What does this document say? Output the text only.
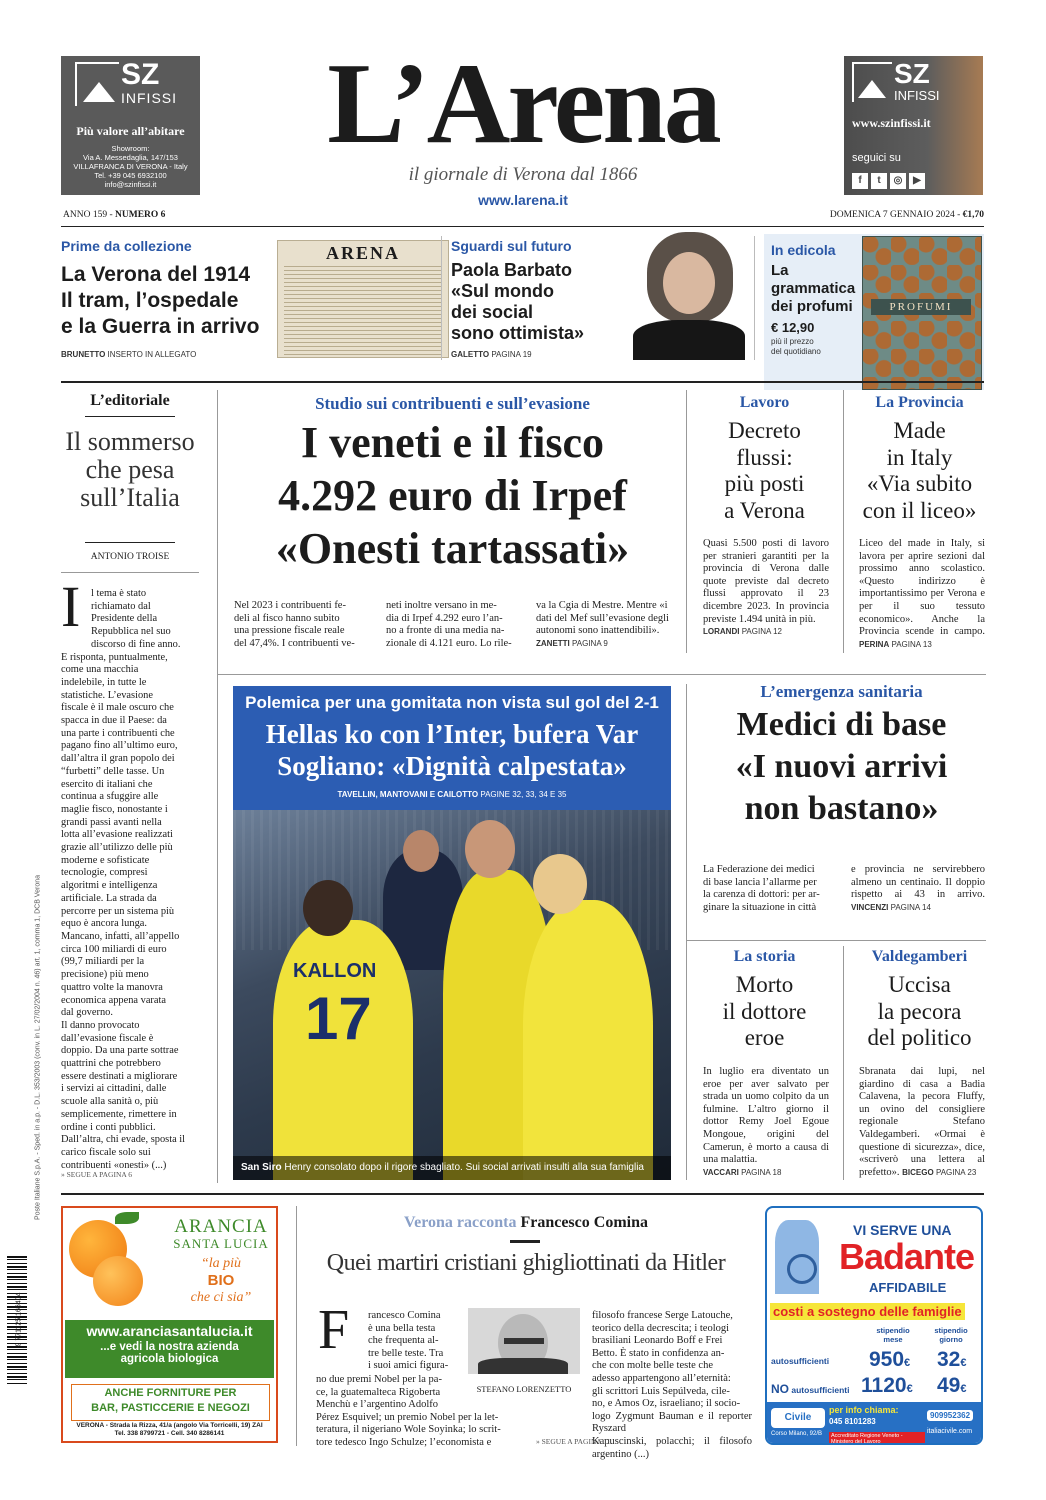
SZ
INFISSI
Più valore all’abitare
Showroom:
Via A. Messedaglia, 147/153
VILLAFRANCA DI VERONA - Italy
Tel. +39 045 6932100
info@szinfissi.it
L’Arena
il giornale di Verona dal 1866
www.larena.it
SZ
INFISSI
www.szinfissi.it
seguici su
f t ◎ ▶
ANNO 159 - NUMERO 6	DOMENICA 7 GENNAIO 2024 - €1,70
Prime da collezione
La Verona del 1914
Il tram, l’ospedale
e la Guerra in arrivo
BRUNETTO INSERTO IN ALLEGATO
ARENA	Sguardi sul futuro
Paola Barbato
«Sul mondo
dei social
sono ottimista»
GALETTO PAGINA 19
In edicola
La
grammatica
dei profumi
€ 12,90
più il prezzo
del quotidiano
PROFUMI
L’editoriale
Il sommerso
che pesa
sull’Italia
ANTONIO TROISE
I	l tema è stato
richiamato dal
Presidente della
Repubblica nel suo
discorso di fine anno.
E risponta, puntualmente,
come una macchia
indelebile, in tutte le
statistiche. L’evasione
fiscale è il male oscuro che
spacca in due il Paese: da
una parte i contribuenti che
pagano fino all’ultimo euro,
dall’altra il gran popolo dei
“furbetti” delle tasse. Un
esercito di italiani che
continua a sfuggire alle
maglie fisco, nonostante i
grandi passi avanti nella
lotta all’evasione realizzati
grazie all’utilizzo delle più
moderne e sofisticate
tecnologie, compresi
algoritmi e intelligenza
artificiale. La strada da
percorre per un sistema più
equo è ancora lunga.
Mancano, infatti, all’appello
circa 100 miliardi di euro
(99,7 miliardi per la
precisione) più meno
quattro volte la manovra
economica appena varata
dal governo.
Il danno provocato
dall’evasione fiscale è
doppio. Da una parte sottrae
quattrini che potrebbero
essere destinati a migliorare
i servizi ai cittadini, dalle
scuole alla sanità o, più
semplicemente, rimettere in
ordine i conti pubblici.
Dall’altra, chi evade, sposta il
carico fiscale solo sui
contribuenti «onesti» (...)
» SEGUE A PAGINA 6
Studio sui contribuenti e sull’evasione
I veneti e il fisco
4.292 euro di Irpef
«Onesti tartassati»
Nel 2023 i contribuenti fe-
deli al fisco hanno subito
una pressione fiscale reale
del 47,4%. I contribuenti ve-
neti inoltre versano in me-
dia di Irpef 4.292 euro l’an-
no a fronte di una media na-
zionale di 4.121 euro. Lo rile-
va la Cgia di Mestre. Mentre «i dati del Mef sull’evasione degli autonomi sono inattendibili». ZANETTI PAGINA 9
Lavoro
Decreto
flussi:
più posti
a Verona
Quasi 5.500 posti di lavoro per stranieri garantiti per la provincia di Verona dalle quote previste dal decreto flussi approvato il 23 dicembre 2023. In provincia previste 1.494 unità in più.
LORANDI PAGINA 12
La Provincia
Made
in Italy
«Via subito
con il liceo»
Liceo del made in Italy, si lavora per aprire sezioni dal prossimo anno scolastico. «Questo indirizzo è importantissimo per Verona e per il suo tessuto economico». Anche la Provincia scende in campo. PERINA PAGINA 13
Polemica per una gomitata non vista sul gol del 2-1
Hellas ko con l’Inter, bufera Var
Sogliano: «Dignità calpestata»
TAVELLIN, MANTOVANI E CAILOTTO PAGINE 32, 33, 34 E 35
KALLON
17
San Siro Henry consolato dopo il rigore sbagliato. Sui social arrivati insulti alla sua famiglia
L’emergenza sanitaria
Medici di base
«I nuovi arrivi
non bastano»
La Federazione dei medici
di base lancia l’allarme per
la carenza di dottori: per ar-
ginare la situazione in città
e provincia ne servirebbero almeno un centinaio. Il doppio rispetto ai 43 in arrivo. VINCENZI PAGINA 14
La storia
Morto
il dottore
eroe
In luglio era diventato un eroe per aver salvato per strada un uomo colpito da un fulmine. L’altro giorno il dottor Remy Joel Egoue Mongoue, origini del Camerun, è morto a causa di una malattia.
VACCARI PAGINA 18
Valdegamberi
Uccisa
la pecora
del politico
Sbranata dai lupi, nel giardino di casa a Badia Calavena, la pecora Fluffy, un ovino del consigliere regionale Stefano Valdegamberi. «Ormai è questione di sicurezza», dice, «scriverò una lettera al prefetto». BICEGO PAGINA 23
Poste Italiane S.p.A. - Sped. in a.p. - D.L. 353/2003 (conv. in L. 27/02/2004 n. 46) art. 1, comma 1, DCB Verona
9 771125 166404
ARANCIA
SANTA LUCIA
“la più
BIO
che ci sia”
www.aranciasantalucia.it
...e vedi la nostra azienda
agricola biologica
ANCHE FORNITURE PER
BAR, PASTICCERIE E NEGOZI
VERONA - Strada la Rizza, 41/a (angolo Via Torricelli, 19) ZAI
Tel. 338 8799721 - Cell. 340 8286141
Verona racconta Francesco Comina
Quei martiri cristiani ghigliottinati da Hitler
F rancesco Comina
è una bella testa
che frequenta al-
tre belle teste. Tra
i suoi amici figura-
no due premi Nobel per la pa-
ce, la guatemalteca Rigoberta
Menchù e l’argentino Adolfo
Pérez Esquivel; un premio Nobel per la let-
teratura, il nigeriano Wole Soyinka; lo scrit-
tore tedesco Ingo Schulze; l’economista e
STEFANO LORENZETTO
filosofo francese Serge Latouche,
teorico della decrescita; i teologi
brasiliani Leonardo Boff e Frei
Betto. È stato in confidenza an-
che con molte belle teste che
adesso appartengono all’eternità:
gli scrittori Luis Sepúlveda, cile-
no, e Amos Oz, israeliano; il socio-
logo Zygmunt Bauman e il reporter Ryszard
Kapuscinski, polacchi; il filosofo argentino (...)
» SEGUE A PAGINA 11
VI SERVE UNA
Badante
AFFIDABILE
costi a sostegno delle famiglie
stipendio mese
stipendio giorno
autosufficienti 950€ 32€
NO autosufficienti 1120€ 49€
Civile
Corso Milano, 92/B
per info chiama:
045 8101283
909952362
italiacivile.com
Accreditato Regione Veneto - Ministero del Lavoro
